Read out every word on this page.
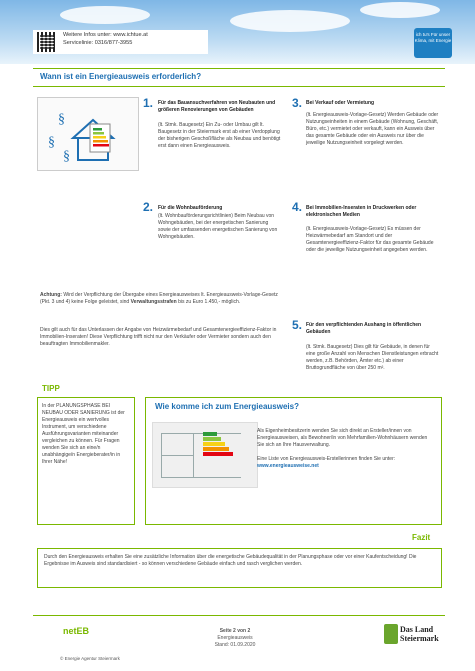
Weitere Infos unter: www.ichtue.at
Servicelinie: 0316/877-3955
ich tu's Für unser Klima, mit Energie
Wann ist ein Energieausweis erforderlich?
§
§
§
1. Für das Bauansuchverfahren von Neubauten und größeren Renovierungen von Gebäuden
(lt. Stmk. Baugesetz) Ein Zu- oder Umbau gilt lt. Baugesetz in der Steiermark erst ab einer Verdopplung der bisherigen Geschoßfläche als Neubau und benötigt erst dann einen Energieausweis.
2. Für die Wohnbauförderung
(lt. Wohnbauförderungsrichtlinien) Beim Neubau von Wohngebäuden, bei der energetischen Sanierung sowie der umfassenden energetischen Sanierung von Wohngebäuden.
3. Bei Verkauf oder Vermietung
(lt. Energieausweis-Vorlage-Gesetz) Werden Gebäude oder Nutzungseinheiten in einem Gebäude (Wohnung, Geschäft, Büro, etc.) vermietet oder verkauft, kann ein Ausweis über das gesamte Gebäude oder ein Ausweis nur über die jeweilige Nutzungseinheit vorgelegt werden.
4. Bei Immobilien-Inseraten in Druckwerken oder elektronischen Medien
(lt. Energieausweis-Vorlage-Gesetz) Es müssen der Heizwärmebedarf am Standort und der Gesamtenergieeffizienz-Faktor für das gesamte Gebäude oder die jeweilige Nutzungseinheit angegeben werden.
5. Für den verpflichtenden Aushang in öffentlichen Gebäuden
(lt. Stmk. Baugesetz) Dies gilt für Gebäude, in denen für eine große Anzahl von Menschen Dienstleistungen erbracht werden, z.B. Behörden, Ämter etc.) ab einer Bruttogrundfläche von über 250 m².
Achtung: Wird der Verpflichtung der Übergabe eines Energieausweises lt. Energieausweis-Vorlage-Gesetz (Pkt. 3 und 4) keine Folge geleistet, sind Verwaltungsstrafen bis zu Euro 1.450,- möglich.
Dies gilt auch für das Unterlassen der Angabe von Heizwärmebedarf und Gesamtenergieeffizienz-Faktor in Immobilien-Inseraten! Diese Verpflichtung trifft nicht nur den Verkäufer oder Vermieter sondern auch den beauftragten Immobilienmakler.
TIPP
In der PLANUNGSPHASE BEI NEUBAU ODER SANIERUNG ist der Energieausweis ein wertvolles Instrument, um verschiedene Ausführungsvarianten miteinander vergleichen zu können. Für Fragen wenden Sie sich an eine/n unabhängige/n Energieberater/in in Ihrer Nähe!
Wie komme ich zum Energieausweis?
Als Eigenheimbesitzerin wenden Sie sich direkt an Ersteller/innen von Energieausweisen, als Bewohner/in von Mehrfamilien-Wohnhäusern wenden Sie sich an Ihre Hausverwaltung.
Eine Liste von Energieausweis-Erstellerinnen finden Sie unter: www.energieausweise.net
Fazit
Durch den Energieausweis erhalten Sie eine zusätzliche Information über die energetische Gebäudequalität in der Planungsphase oder vor einer Kaufentscheidung! Die Ergebnisse im Ausweis sind standardisiert - so können verschiedene Gebäude einfach und rasch verglichen werden.
netEB
© Energie Agentur Steiermark
Seite 2 von 2
Energieausweis
Stand: 01.09.2020
Das Land
Steiermark
